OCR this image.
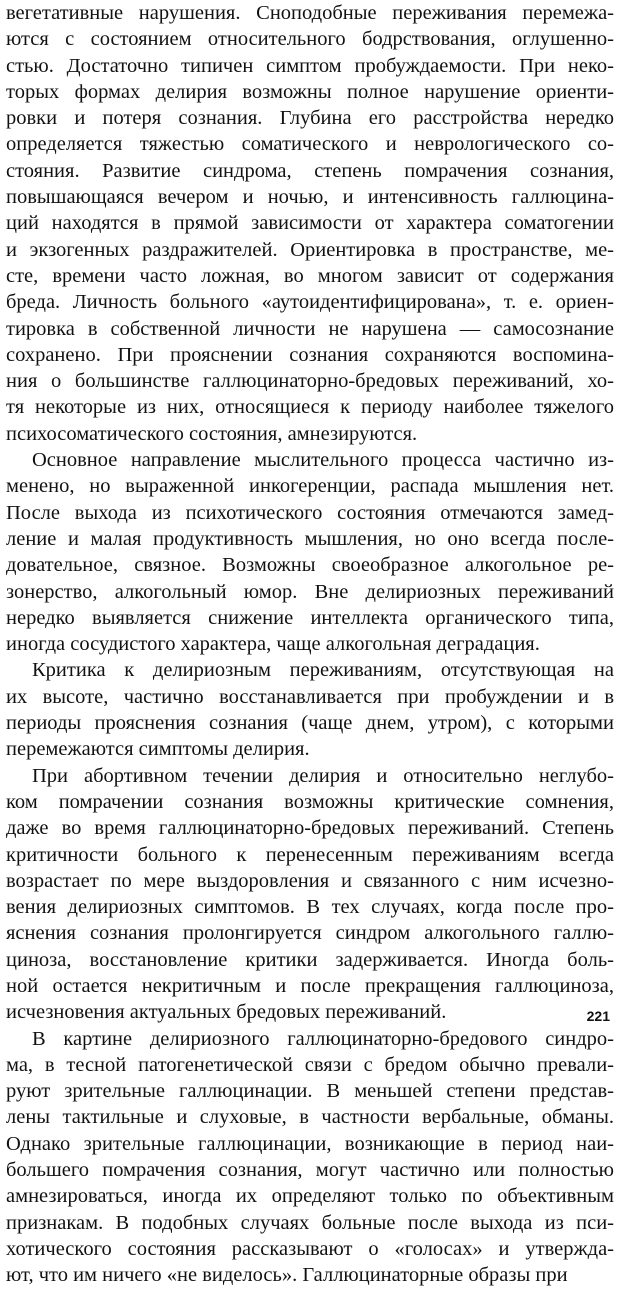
вегетативные нарушения. Сноподобные переживания перемежа-
ются с состоянием относительного бодрствования, оглушенно-
стью. Достаточно типичен симптом пробуждаемости. При неко-
торых формах делирия возможны полное нарушение ориенти-
ровки и потеря сознания. Глубина его расстройства нередко
определяется тяжестью соматического и неврологического со-
стояния. Развитие синдрома, степень помрачения сознания,
повышающаяся вечером и ночью, и интенсивность галлюцина-
ций находятся в прямой зависимости от характера соматогении
и экзогенных раздражителей. Ориентировка в пространстве, ме-
сте, времени часто ложная, во многом зависит от содержания
бреда. Личность больного «аутоидентифицирована», т. е. ориен-
тировка в собственной личности не нарушена — самосознание
сохранено. При прояснении сознания сохраняются воспомина-
ния о большинстве галлюцинаторно-бредовых переживаний, хо-
тя некоторые из них, относящиеся к периоду наиболее тяжелого
психосоматического состояния, амнезируются.
Основное направление мыслительного процесса частично из-
менено, но выраженной инкогеренции, распада мышления нет.
После выхода из психотического состояния отмечаются замед-
ление и малая продуктивность мышления, но оно всегда после-
довательное, связное. Возможны своеобразное алкогольное ре-
зонерство, алкогольный юмор. Вне делириозных переживаний
нередко выявляется снижение интеллекта органического типа,
иногда сосудистого характера, чаще алкогольная деградация.
Критика к делириозным переживаниям, отсутствующая на
их высоте, частично восстанавливается при пробуждении и в
периоды прояснения сознания (чаще днем, утром), с которыми
перемежаются симптомы делирия.
При абортивном течении делирия и относительно неглубо-
ком помрачении сознания возможны критические сомнения,
даже во время галлюцинаторно-бредовых переживаний. Степень
критичности больного к перенесенным переживаниям всегда
возрастает по мере выздоровления и связанного с ним исчезно-
вения делириозных симптомов. В тех случаях, когда после про-
яснения сознания пролонгируется синдром алкогольного галлю-
циноза, восстановление критики задерживается. Иногда боль-
ной остается некритичным и после прекращения галлюциноза,
исчезновения актуальных бредовых переживаний.
В картине делириозного галлюцинаторно-бредового синдро-
ма, в тесной патогенетической связи с бредом обычно превали-
руют зрительные галлюцинации. В меньшей степени представ-
лены тактильные и слуховые, в частности вербальные, обманы.
Однако зрительные галлюцинации, возникающие в период наи-
большего помрачения сознания, могут частично или полностью
амнезироваться, иногда их определяют только по объективным
признакам. В подобных случаях больные после выхода из пси-
хотического состояния рассказывают о «голосах» и утвержда-
ют, что им ничего «не виделось». Галлюцинаторные образы при
221
